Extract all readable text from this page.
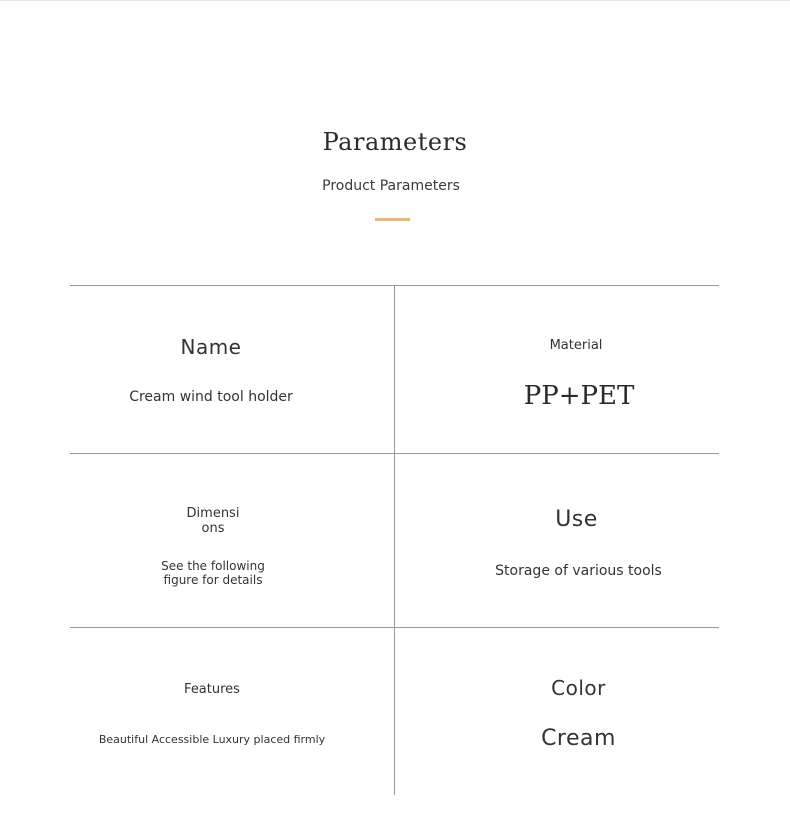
Parameters
Product Parameters
Name
Cream wind tool holder
Material
PP+PET
Dimensi
ons
See the following
figure for details
Use
Storage of various tools
Features
Beautiful Accessible Luxury placed firmly
Color
Cream
